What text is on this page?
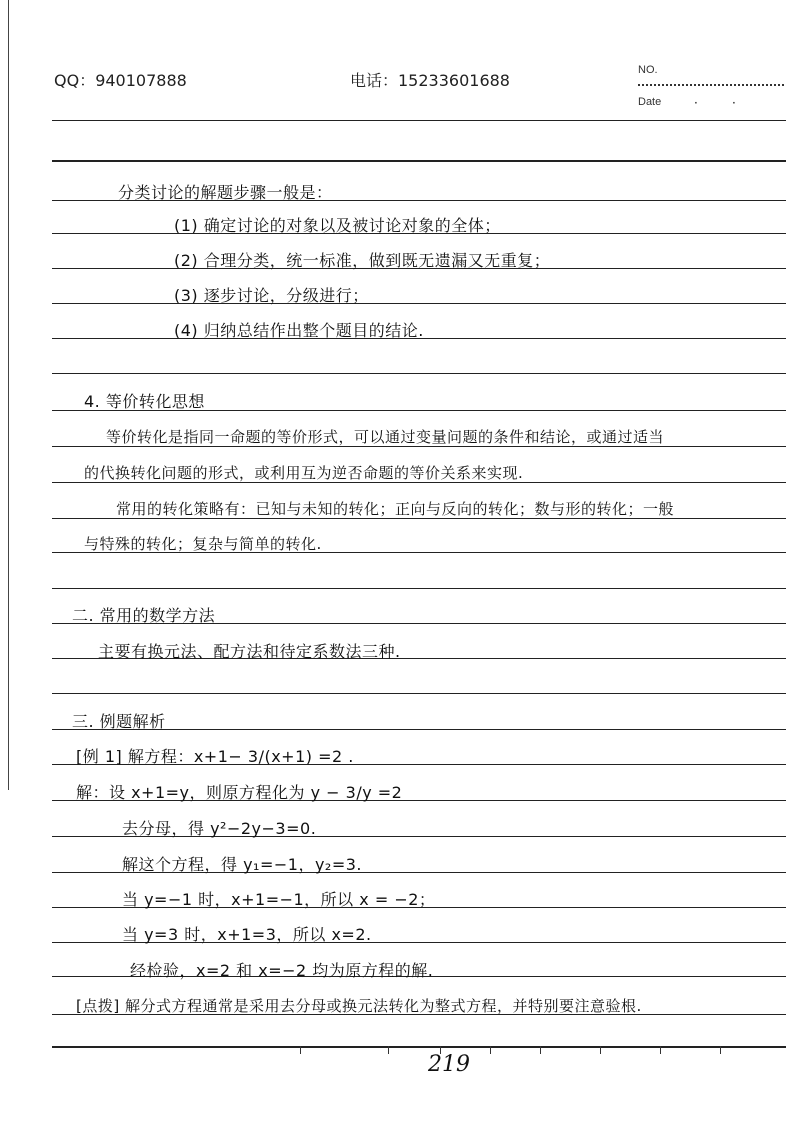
QQ：940107888	电话：15233601688
NO.
Date	·	·
分类讨论的解题步骤一般是：
(1) 确定讨论的对象以及被讨论对象的全体；
(2) 合理分类，统一标准，做到既无遗漏又无重复；
(3) 逐步讨论，分级进行；
(4) 归纳总结作出整个题目的结论.
4. 等价转化思想
等价转化是指同一命题的等价形式，可以通过变量问题的条件和结论，或通过适当
的代换转化问题的形式，或利用互为逆否命题的等价关系来实现.
常用的转化策略有：已知与未知的转化；正向与反向的转化；数与形的转化；一般
与特殊的转化；复杂与简单的转化.
二. 常用的数学方法
主要有换元法、配方法和待定系数法三种.
三. 例题解析
[例 1] 解方程：x+1− 3/(x+1) =2 .
解：设 x+1=y，则原方程化为 y − 3/y =2
去分母，得 y²−2y−3=0.
解这个方程，得 y₁=−1，y₂=3.
当 y=−1 时，x+1=−1，所以 x = −2；
当 y=3 时，x+1=3，所以 x=2.
经检验，x=2 和 x=−2 均为原方程的解.
[点拨] 解分式方程通常是采用去分母或换元法转化为整式方程，并特别要注意验根.
219
